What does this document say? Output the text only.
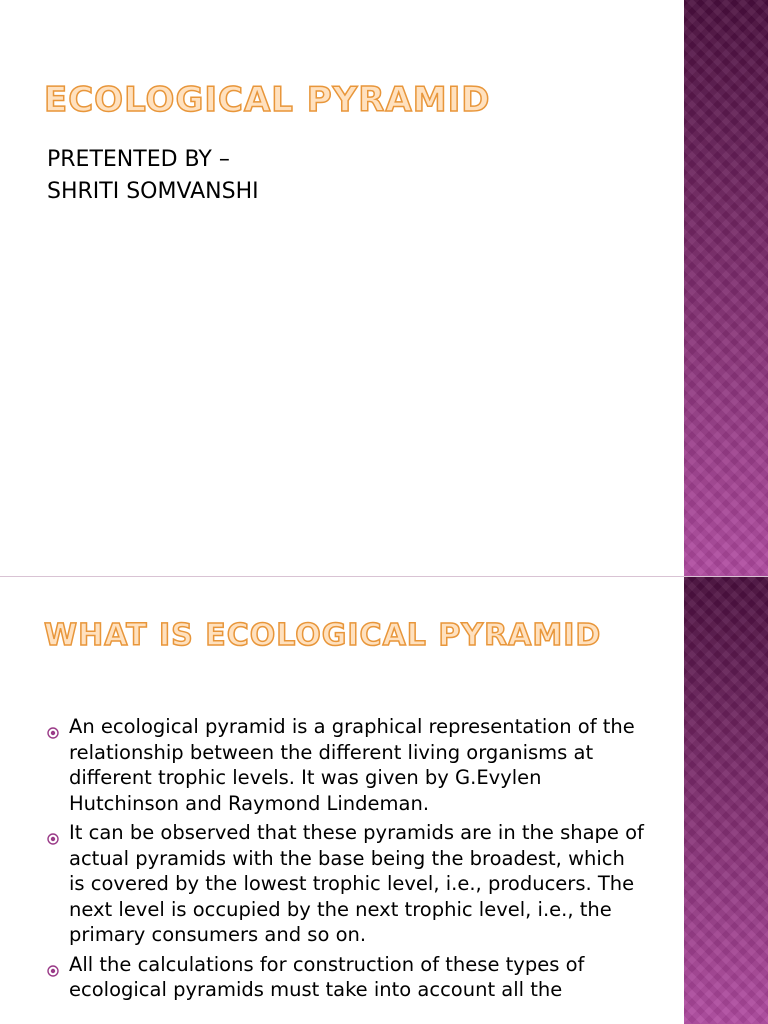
ECOLOGICAL PYRAMID
PRETENTED BY –
SHRITI SOMVANSHI
WHAT IS ECOLOGICAL PYRAMID
An ecological pyramid is a graphical representation of the relationship between the different living organisms at different trophic levels. It was given by G.Evylen Hutchinson and Raymond Lindeman.
It can be observed that these pyramids are in the shape of actual pyramids with the base being the broadest, which is covered by the lowest trophic level, i.e., producers. The next level is occupied by the next trophic level, i.e., the primary consumers and so on.
All the calculations for construction of these types of ecological pyramids must take into account all the
